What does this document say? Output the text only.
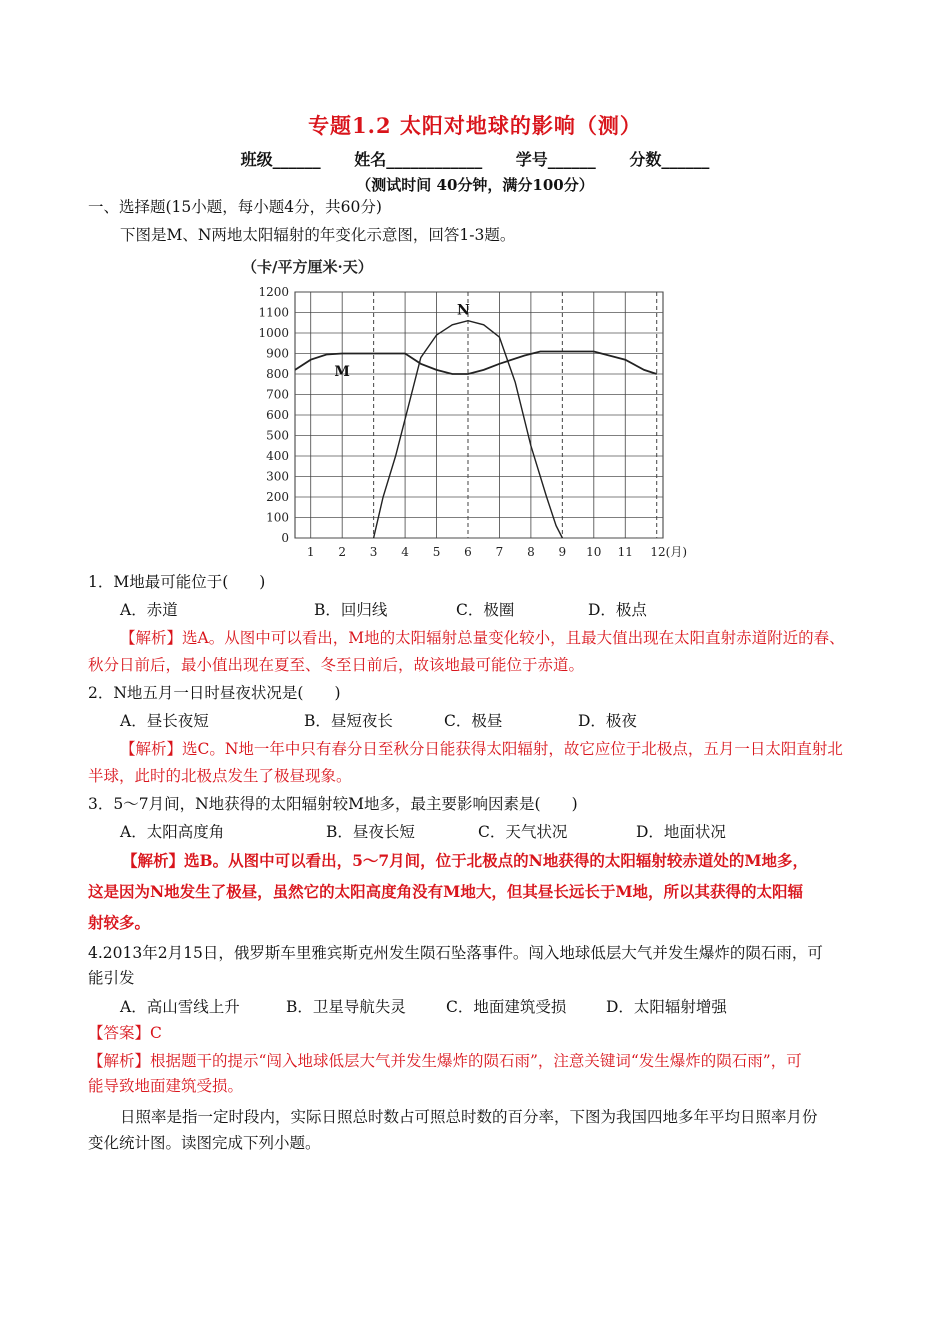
专题1.2 太阳对地球的影响（测）
班级______ 姓名____________ 学号______ 分数______
（测试时间 40分钟，满分100分）
一、选择题(15小题，每小题4分，共60分)
下图是M、N两地太阳辐射的年变化示意图，回答1-3题。
（卡/平方厘米·天）
0
100
200
300
400
500
600
700
800
900
1000
1100
1200
1 2 3 4 5 6 7 8 9 10 11 12(月)
M
N
1．M地最可能位于(　　)
A．赤道	B．回归线	C．极圈	D．极点
【解析】选A。从图中可以看出，M地的太阳辐射总量变化较小，且最大值出现在太阳直射赤道附近的春、
秋分日前后，最小值出现在夏至、冬至日前后，故该地最可能位于赤道。
2．N地五月一日时昼夜状况是(　　)
A．昼长夜短	B．昼短夜长	C．极昼	D．极夜
【解析】选C。N地一年中只有春分日至秋分日能获得太阳辐射，故它应位于北极点，五月一日太阳直射北
半球，此时的北极点发生了极昼现象。
3．5～7月间，N地获得的太阳辐射较M地多，最主要影响因素是(　　)
A．太阳高度角	B．昼夜长短	C．天气状况	D．地面状况
【解析】选B。从图中可以看出，5～7月间，位于北极点的N地获得的太阳辐射较赤道处的M地多，
这是因为N地发生了极昼，虽然它的太阳高度角没有M地大，但其昼长远长于M地，所以其获得的太阳辐
射较多。
4.2013年2月15日，俄罗斯车里雅宾斯克州发生陨石坠落事件。闯入地球低层大气并发生爆炸的陨石雨，可
能引发
A．高山雪线上升	B．卫星导航失灵	C．地面建筑受损	D．太阳辐射增强
【答案】C
【解析】根据题干的提示“闯入地球低层大气并发生爆炸的陨石雨”，注意关键词“发生爆炸的陨石雨”，可
能导致地面建筑受损。
日照率是指一定时段内，实际日照总时数占可照总时数的百分率，下图为我国四地多年平均日照率月份
变化统计图。读图完成下列小题。
